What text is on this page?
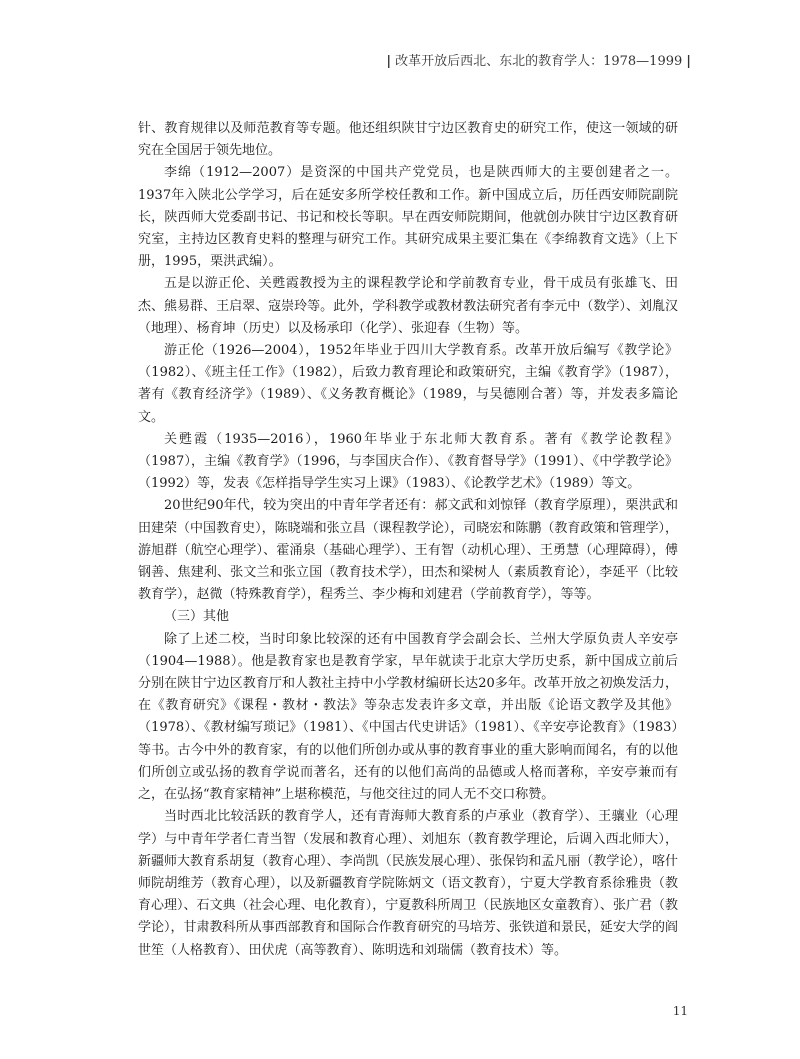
| 改革开放后西北、东北的教育学人：1978—1999 |

针、教育规律以及师范教育等专题。他还组织陕甘宁边区教育史的研究工作，使这一领域的研究在全国居于领先地位。

李绵（1912—2007）是资深的中国共产党党员，也是陕西师大的主要创建者之一。1937年入陕北公学学习，后在延安多所学校任教和工作。新中国成立后，历任西安师院副院长，陕西师大党委副书记、书记和校长等职。早在西安师院期间，他就创办陕甘宁边区教育研究室，主持边区教育史料的整理与研究工作。其研究成果主要汇集在《李绵教育文选》（上下册，1995，栗洪武编）。

五是以游正伦、关甦霞教授为主的课程教学论和学前教育专业，骨干成员有张雄飞、田杰、熊易群、王启翠、寇崇玲等。此外，学科教学或教材教法研究者有李元中（数学）、刘胤汉（地理）、杨育坤（历史）以及杨承印（化学）、张迎春（生物）等。

游正伦（1926—2004），1952年毕业于四川大学教育系。改革开放后编写《教学论》（1982）、《班主任工作》（1982），后致力教育理论和政策研究，主编《教育学》（1987），著有《教育经济学》（1989）、《义务教育概论》（1989，与吴德刚合著）等，并发表多篇论文。

关甦霞（1935—2016），1960年毕业于东北师大教育系。著有《教学论教程》（1987），主编《教育学》（1996，与李国庆合作）、《教育督导学》（1991）、《中学教学论》（1992）等，发表《怎样指导学生实习上课》（1983）、《论教学艺术》（1989）等文。

20世纪90年代，较为突出的中青年学者还有：郝文武和刘惊铎（教育学原理），栗洪武和田建荣（中国教育史），陈晓端和张立昌（课程教学论），司晓宏和陈鹏（教育政策和管理学），游旭群（航空心理学）、霍涌泉（基础心理学）、王有智（动机心理）、王勇慧（心理障碍），傅钢善、焦建利、张文兰和张立国（教育技术学），田杰和梁树人（素质教育论），李延平（比较教育学），赵微（特殊教育学），程秀兰、李少梅和刘建君（学前教育学），等等。

（三）其他

除了上述二校，当时印象比较深的还有中国教育学会副会长、兰州大学原负责人辛安亭（1904—1988）。他是教育家也是教育学家，早年就读于北京大学历史系，新中国成立前后分别在陕甘宁边区教育厅和人教社主持中小学教材编研长达20多年。改革开放之初焕发活力，在《教育研究》《课程・教材・教法》等杂志发表许多文章，并出版《论语文教学及其他》（1978）、《教材编写琐记》（1981）、《中国古代史讲话》（1981）、《辛安亭论教育》（1983）等书。古今中外的教育家，有的以他们所创办或从事的教育事业的重大影响而闻名，有的以他们所创立或弘扬的教育学说而著名，还有的以他们高尚的品德或人格而著称，辛安亭兼而有之，在弘扬“教育家精神”上堪称模范，与他交往过的同人无不交口称赞。

当时西北比较活跃的教育学人，还有青海师大教育系的卢承业（教育学）、王骧业（心理学）与中青年学者仁青当智（发展和教育心理）、刘旭东（教育教学理论，后调入西北师大），新疆师大教育系胡复（教育心理）、李尚凯（民族发展心理）、张保钧和孟凡丽（教学论），喀什师院胡维芳（教育心理），以及新疆教育学院陈炳文（语文教育），宁夏大学教育系徐雅贵（教育心理）、石文典（社会心理、电化教育），宁夏教科所周卫（民族地区女童教育）、张广君（教学论），甘肃教科所从事西部教育和国际合作教育研究的马培芳、张铁道和景民，延安大学的阎世笙（人格教育）、田伏虎（高等教育）、陈明选和刘瑞儒（教育技术）等。

11
